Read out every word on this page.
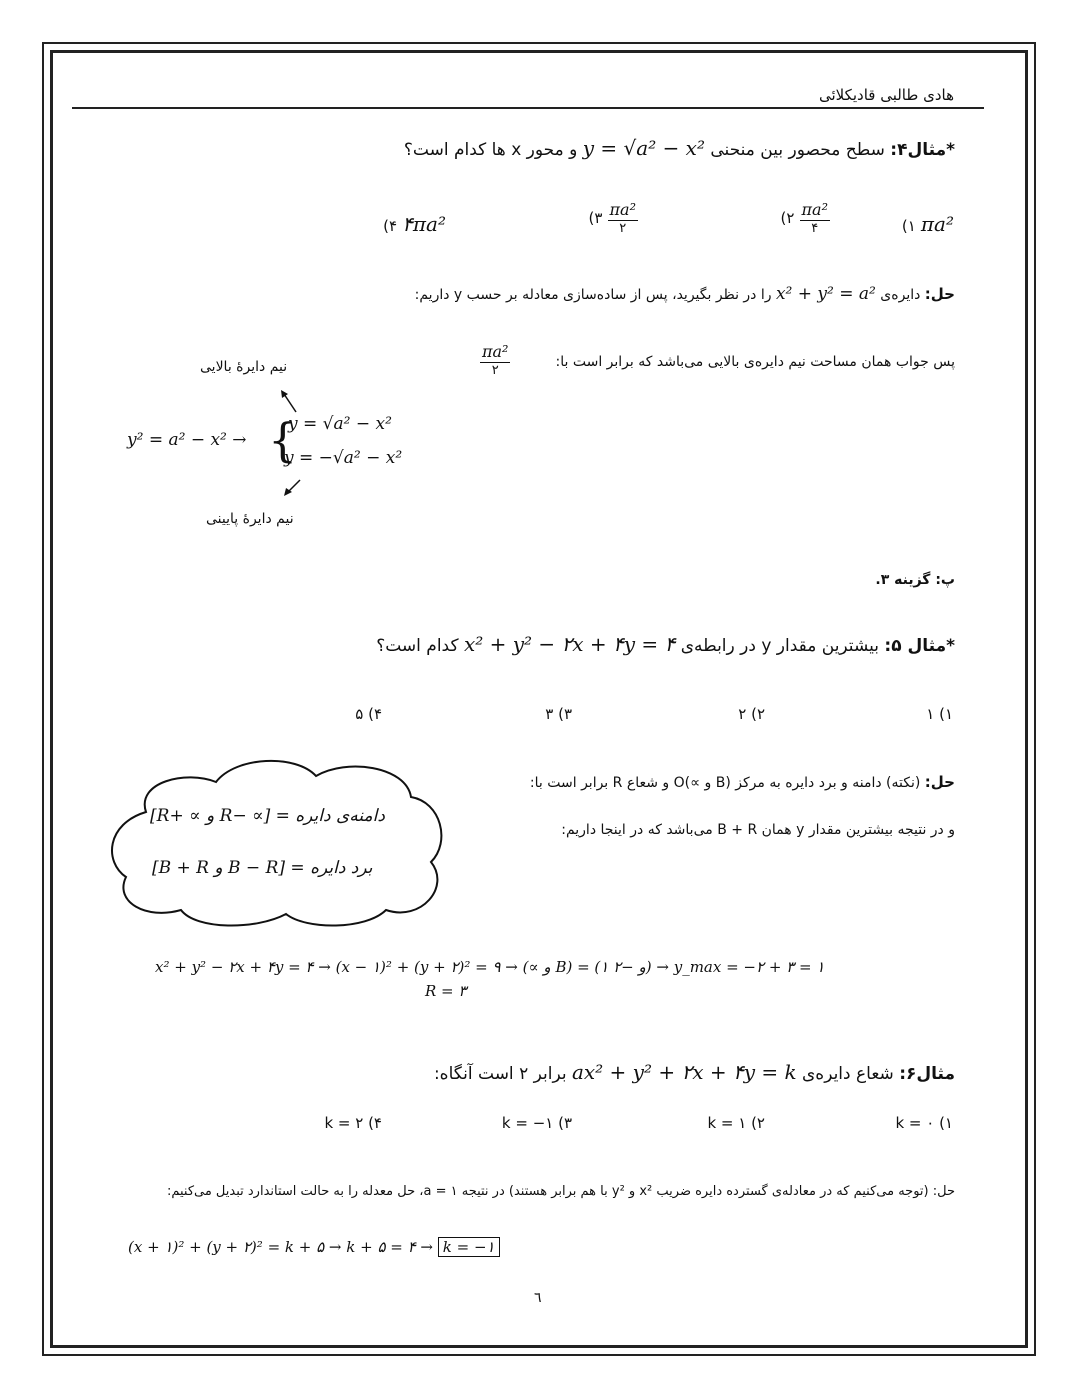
هادی طالبی قادیکلائی
*مثال۴: سطح محصور بین منحنی y = √a² − x² و محور x ها کدام است؟
(۱ πa²
(۲ $\frac{\text{πa²}}{۴}$
(۳ $\frac{\text{πa²}}{۲}$
(۴ ۴πa²
حل: دایره‌ی x² + y² = a² را در نظر بگیرید، پس از ساده‌سازی معادله بر حسب y داریم:
پس جواب همان مساحت نیم دایره‌ی بالایی می‌باشد که برابر است با:
$\frac{\text{πa²}}{۲}$
نیم دایرهٔ بالایی
نیم دایرهٔ پایینی
y² = a² − x² → {
y = √a² − x²
y = −√a² − x²
پ: گزینه ۳.
*مثال ۵: بیشترین مقدار y در رابطه‌ی x² + y² − ۲x + ۴y = ۴ کدام است؟
۱ (۱
۲ (۲
۳ (۳
۵ (۴
حل: (نکته) دامنه و برد دایره به مرکز (B و ∝)O و شعاع R برابر است با:
و در نتیجه بیشترین مقدار y همان B + R می‌باشد که در اینجا داریم:
دامنه‌ی دایره = [∝ −R و ∝ +R]
برد دایره = [B − R و B + R]
x² + y² − ۲x + ۴y = ۴ → (x − ۱)² + (y + ۲)² = ۹ → (∝ و B) = (۱ و −۲) → y_max = −۲ + ۳ = ۱
R = ۳
مثال۶: شعاع دایره‌ی ax² + y² + ۲x + ۴y = k برابر ۲ است آنگاه:
k = ۰ (۱
k = ۱ (۲
k = −۱ (۳
k = ۲ (۴
حل: (توجه می‌کنیم که در معادله‌ی گسترده دایره ضریب x² و y² با هم برابر هستند) در نتیجه ۱ = a، حل معدله را به حالت استاندارد تبدیل می‌کنیم:
(x + ۱)² + (y + ۲)² = k + ۵ → k + ۵ = ۴ → k = −۱
٦
